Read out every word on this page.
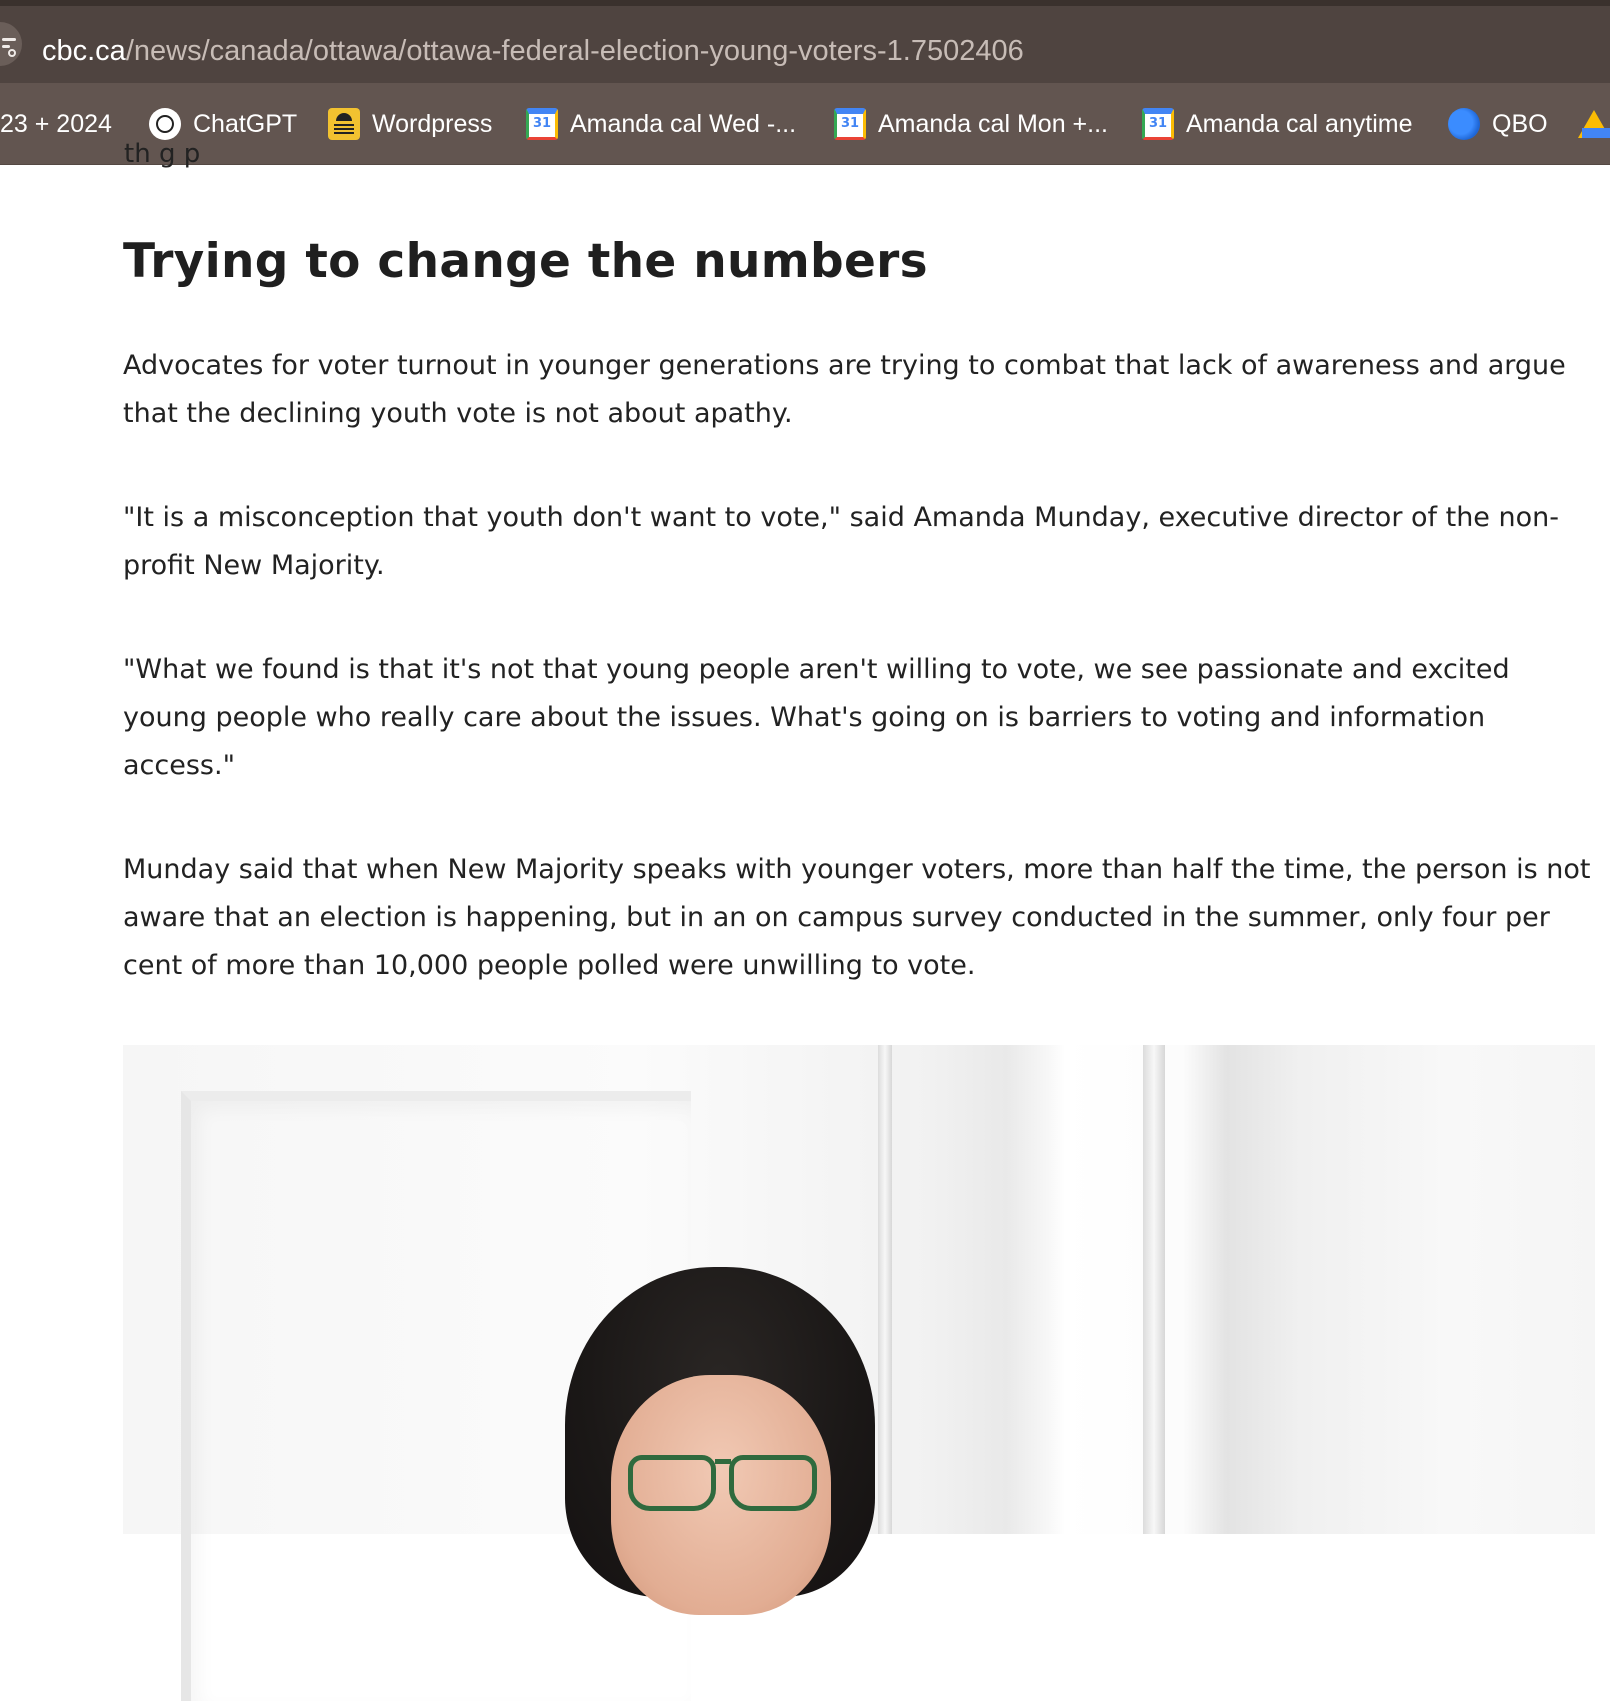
cbc.ca/news/canada/ottawa/ottawa-federal-election-young-voters-1.7502406
23 + 2024	ChatGPT	Wordpress	31 Amanda cal Wed -...	31 Amanda cal Mon +...	31 Amanda cal anytime	QBO
th g p
Trying to change the numbers

Advocates for voter turnout in younger generations are trying to combat that lack of awareness and argue that the declining youth vote is not about apathy.

"It is a misconception that youth don't want to vote," said Amanda Munday, executive director of the non-profit New Majority.

"What we found is that it's not that young people aren't willing to vote, we see passionate and excited young people who really care about the issues. What's going on is barriers to voting and information access."

Munday said that when New Majority speaks with younger voters, more than half the time, the person is not aware that an election is happening, but in an on campus survey conducted in the summer, only four per cent of more than 10,000 people polled were unwilling to vote.
